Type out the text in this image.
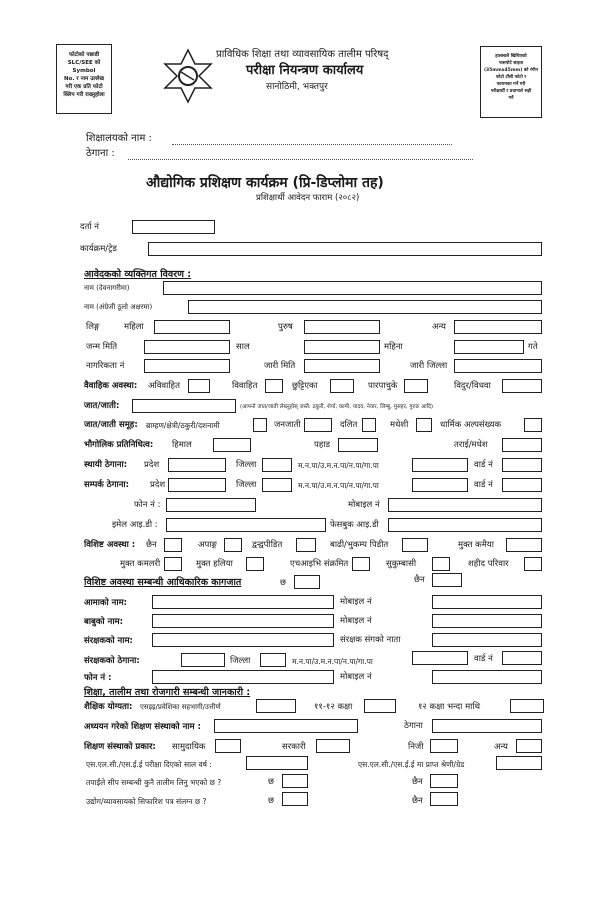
फोटोको पछाडी
SLC/SEE को Symbol
No. र नाम उल्लेख
गरी एक प्रति फोटो
क्लिप गरी राख्नुहोला
प्राविधिक शिक्षा तथा व्यावसायिक तालीम परिषद्
परीक्षा नियन्त्रण कार्यालय
सानोठिमी, भक्तपुर
हालसालै खिचिएको
पासपोर्ट साइज
(35mmx45mm) को रंगीन
फोटो टाँसी फोटो र
फारामका गर्ने गरी
परीक्षार्थी र प्रधानाले सही
गर्ने
शिक्षालयको नाम :
ठेगाना :
औद्योगिक प्रशिक्षण कार्यक्रम (प्रि-डिप्लोमा तह)
प्रशिक्षार्थी आवेदन फाराम (२०८२)
दर्ता नं
कार्यक्रम/ट्रेड
आवेदकको व्यक्तिगत विवरण :
नाम (देवनागरीमा)
नाम (अंग्रेजी ठूलो अक्षरमा)
लिङ्ग	महिला	पुरुष	अन्य
जन्म मिति	साल	महिना	गते
नागरिकता नं	जारी मिति	जारी जिल्ला
वैवाहिक अवस्था: अविवाहित	विवाहित	छुट्टिएका	पारपाचुके	विदुर/विधवा
जात/जाती:	(आफ्नो जात/जाती लेख्नुहोस् जस्तै: ठकुरी, शेर्पा, कामी, यादव, नेवार, लिम्बु, मुसहर, गुरुङ आदि)
जात/जाती समूह: ब्राम्हण/क्षेत्री/ठकुरी/दशनामी	जनजाती	दलित	मधेशी	धार्मिक अल्पसंख्यक
भौगोलिक प्रतिनिधित्व: हिमाल	पहाड	तराई/मधेश
स्थायी ठेगाना: प्रदेश	जिल्ला	म.न.पा/उ.म.न.पा/न.पा/गा.पा	वार्ड नं
सम्पर्क ठेगाना: प्रदेश	जिल्ला	म.न.पा/उ.म.न.पा/न.पा/गा.पा	वार्ड नं
फोन नं :	मोबाइल नं
इमेल आइ.डी :	फेसबुक आइ.डी
विशिष्ट अवस्था : छैन	अपाङ्ग	द्वन्द्वपीडित	बाढी/भुकम्प पिडीत	मुक्त कमैया
मुक्त कमलरी	मुक्त हलिया	एचआइभि संक्रमित	सुकुम्बासी	शहीद परिवार
विशिष्ट अवस्था सम्बन्धी आधिकारिक कागजात	छ	छैन
आमाको नाम:	मोबाइल नं
बाबुको नाम:	मोबाइल नं
संरक्षकको नाम:	संरक्षक संगको नाता
संरक्षकको ठेगाना:	जिल्ला	म.न.पा/उ.म.न.पा/न.पा/गा.पा	वार्ड नं
फोन नं :	मोबाइल नं
शिक्षा, तालीम तथा रोजगारी सम्बन्धी जानकारी :
शैक्षिक योग्यता: एसइइ/प्रवेशिका सहभागी/उत्तीर्ण	११-१२ कक्षा	१२ कक्षा भन्दा माथि
अध्ययन गरेको शिक्षण संस्थाको नाम :	ठेगाना
शिक्षण संस्थाको प्रकार: सामुदायिक	सरकारी	निजी	अन्य
एस.एल.सी./एस.ई.ई परीक्षा दिएको साल वर्ष :	एस.एल.सी./एस.ई.ई मा प्राप्त श्रेणी/ग्रेड
तपाईंले सीप सम्बन्धी कुनै तालीम लिनु भएको छ ?	छ	छैन
उद्योग/व्यावसायको सिफारिश पत्र संलग्न छ ?	छ	छैन
